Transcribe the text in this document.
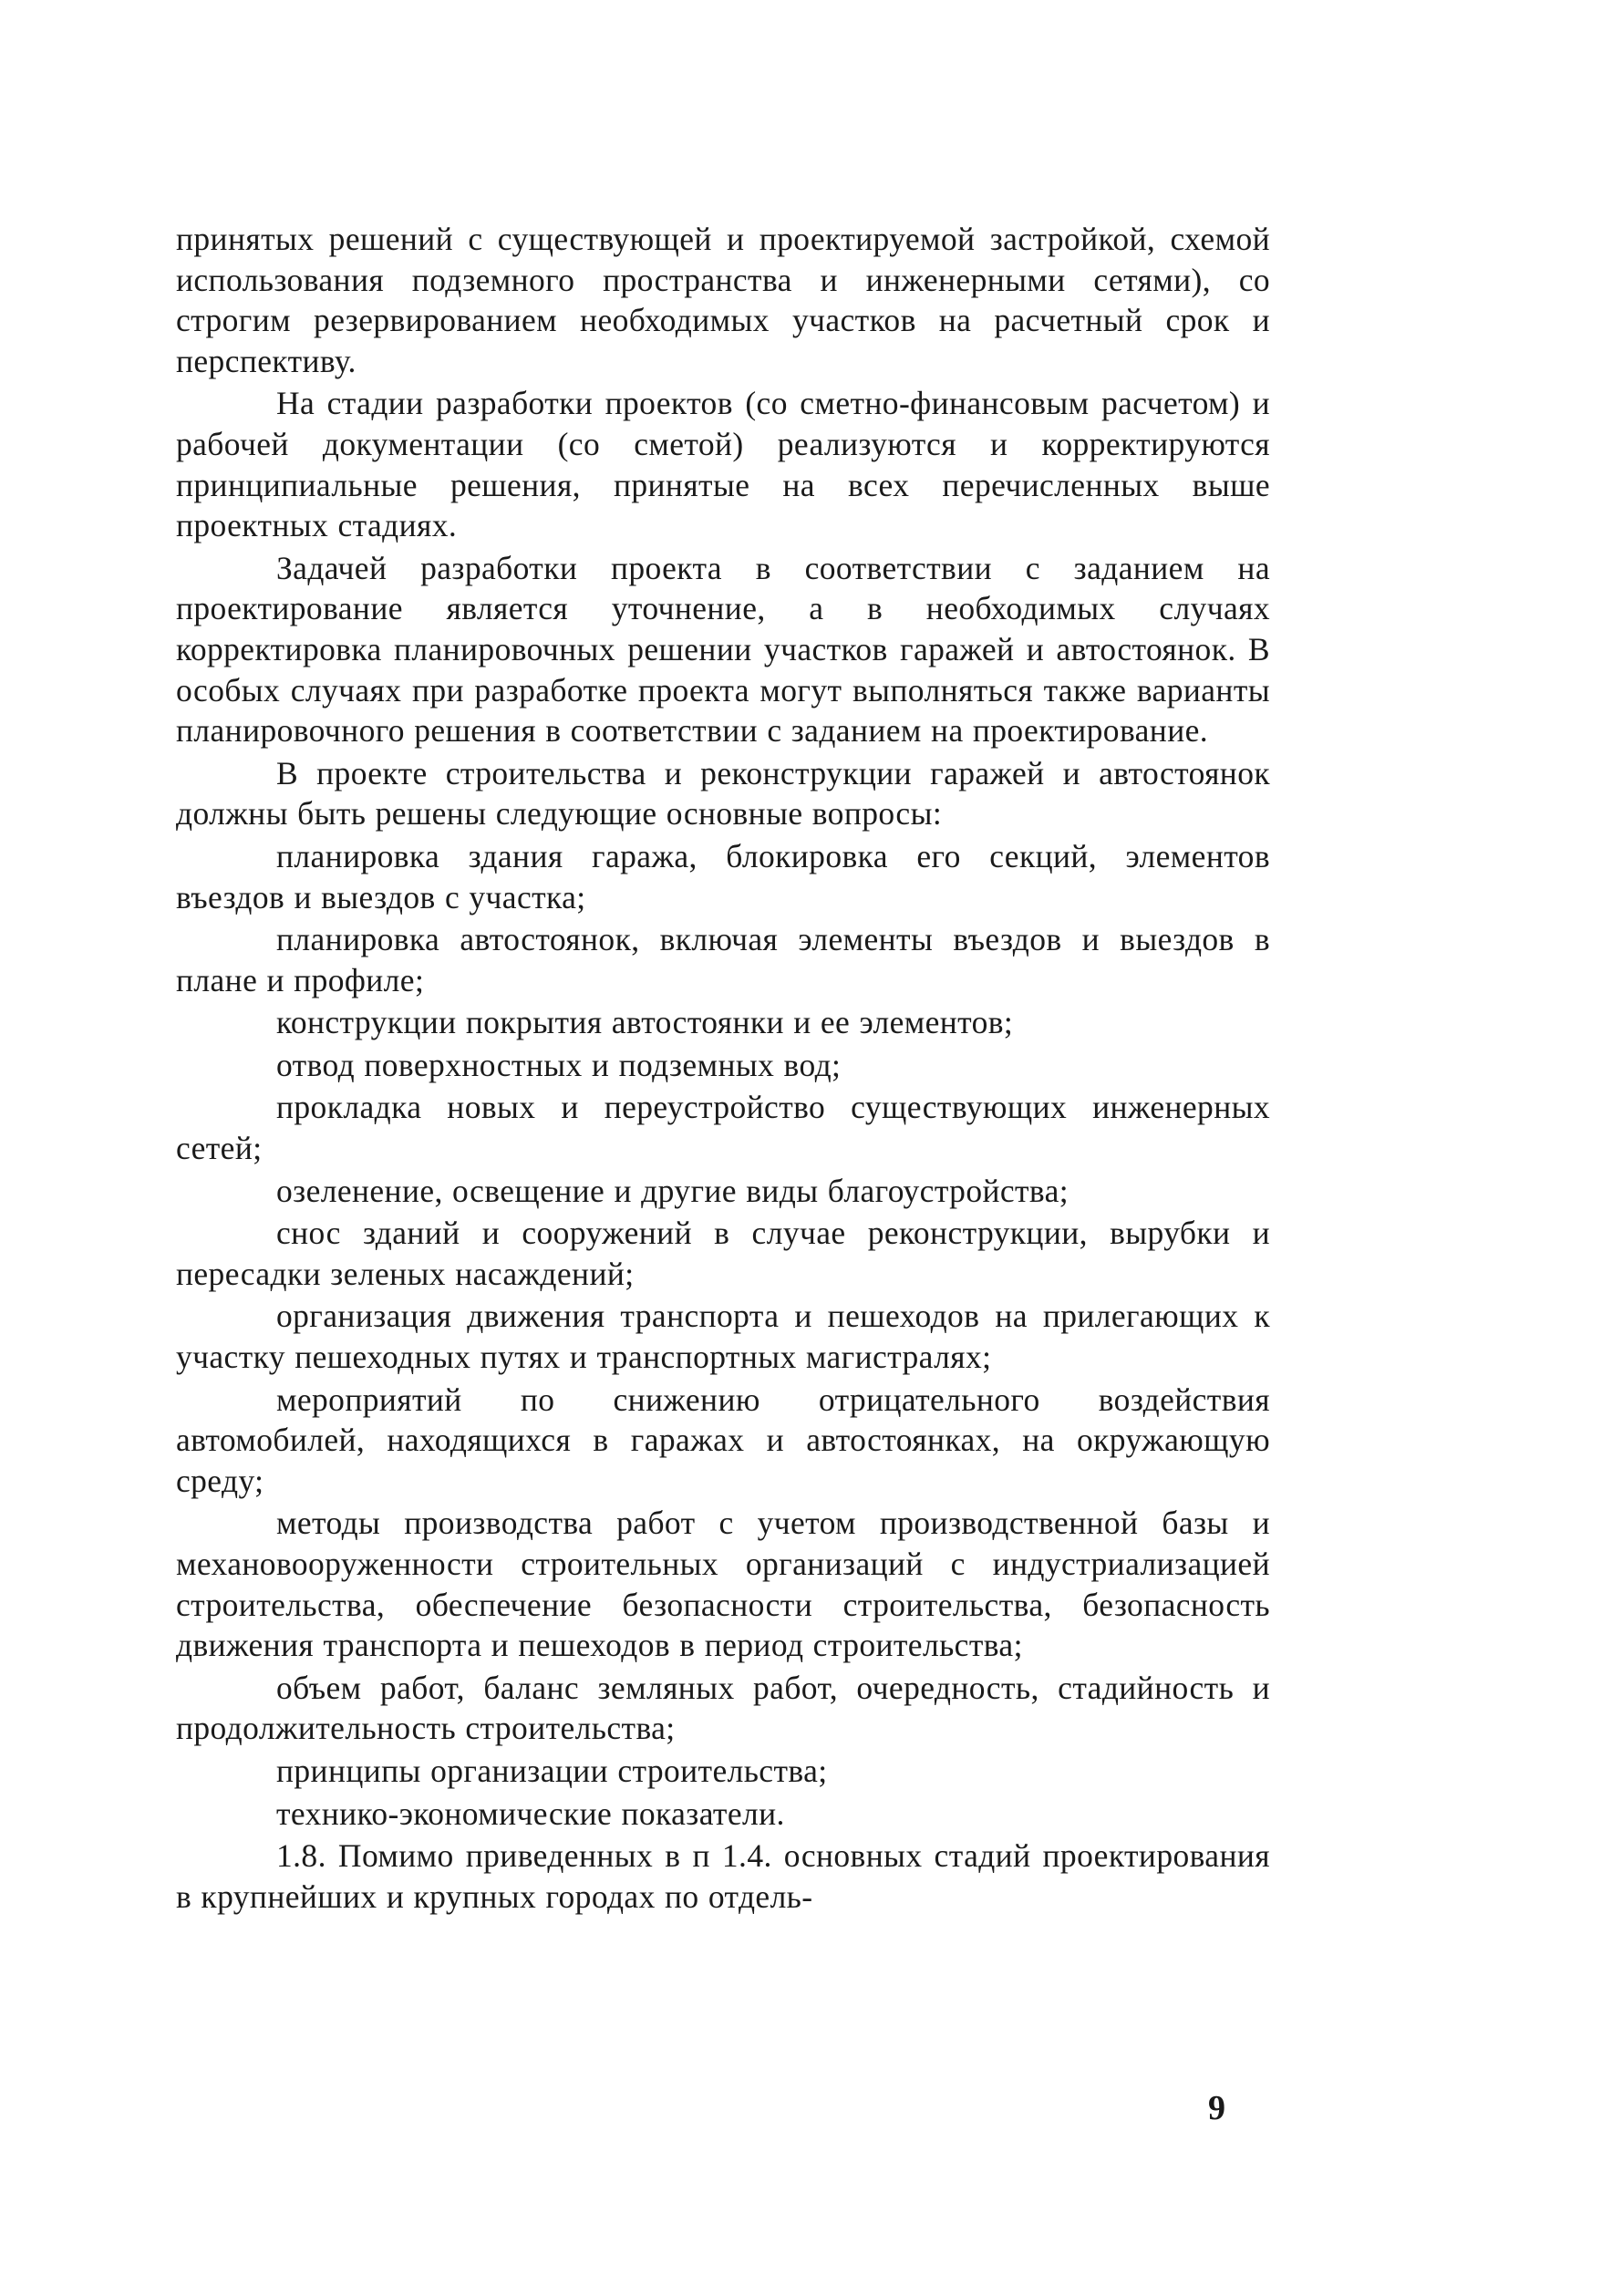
принятых решений с существующей и проектируемой застройкой, схемой использования подземного пространства и инженерными сетями), со строгим резервированием необходимых участков на расчетный срок и перспективу.

На стадии разработки проектов (со сметно-финансовым расчетом) и рабочей документации (со сметой) реализуются и корректируются принципиальные решения, принятые на всех перечисленных выше проектных стадиях.

Задачей разработки проекта в соответствии с заданием на проектирование является уточнение, а в необходимых случаях корректировка планировочных решении участков гаражей и автостоянок. В особых случаях при разработке проекта могут выполняться также варианты планировочного решения в соответствии с заданием на проектирование.

В проекте строительства и реконструкции гаражей и автостоянок должны быть решены следующие основные вопросы:

планировка здания гаража, блокировка его секций, элементов въездов и выездов с участка;

планировка автостоянок, включая элементы въездов и выездов в плане и профиле;

конструкции покрытия автостоянки и ее элементов;

отвод поверхностных и подземных вод;

прокладка новых и переустройство существующих инженерных сетей;

озеленение, освещение и другие виды благоустройства;

снос зданий и сооружений в случае реконструкции, вырубки и пересадки зеленых насаждений;

организация движения транспорта и пешеходов на прилегающих к участку пешеходных путях и транспортных магистралях;

мероприятий по снижению отрицательного воздействия автомобилей, находящихся в гаражах и автостоянках, на окружающую среду;

методы производства работ с учетом производственной базы и механовооруженности строительных организаций с индустриализацией строительства, обеспечение безопасности строительства, безопасность движения транспорта и пешеходов в период строительства;

объем работ, баланс земляных работ, очередность, стадийность и продолжительность строительства;

принципы организации строительства;

технико-экономические показатели.

1.8. Помимо приведенных в п 1.4. основных стадий проектирования в крупнейших и крупных городах по отдель-

9
